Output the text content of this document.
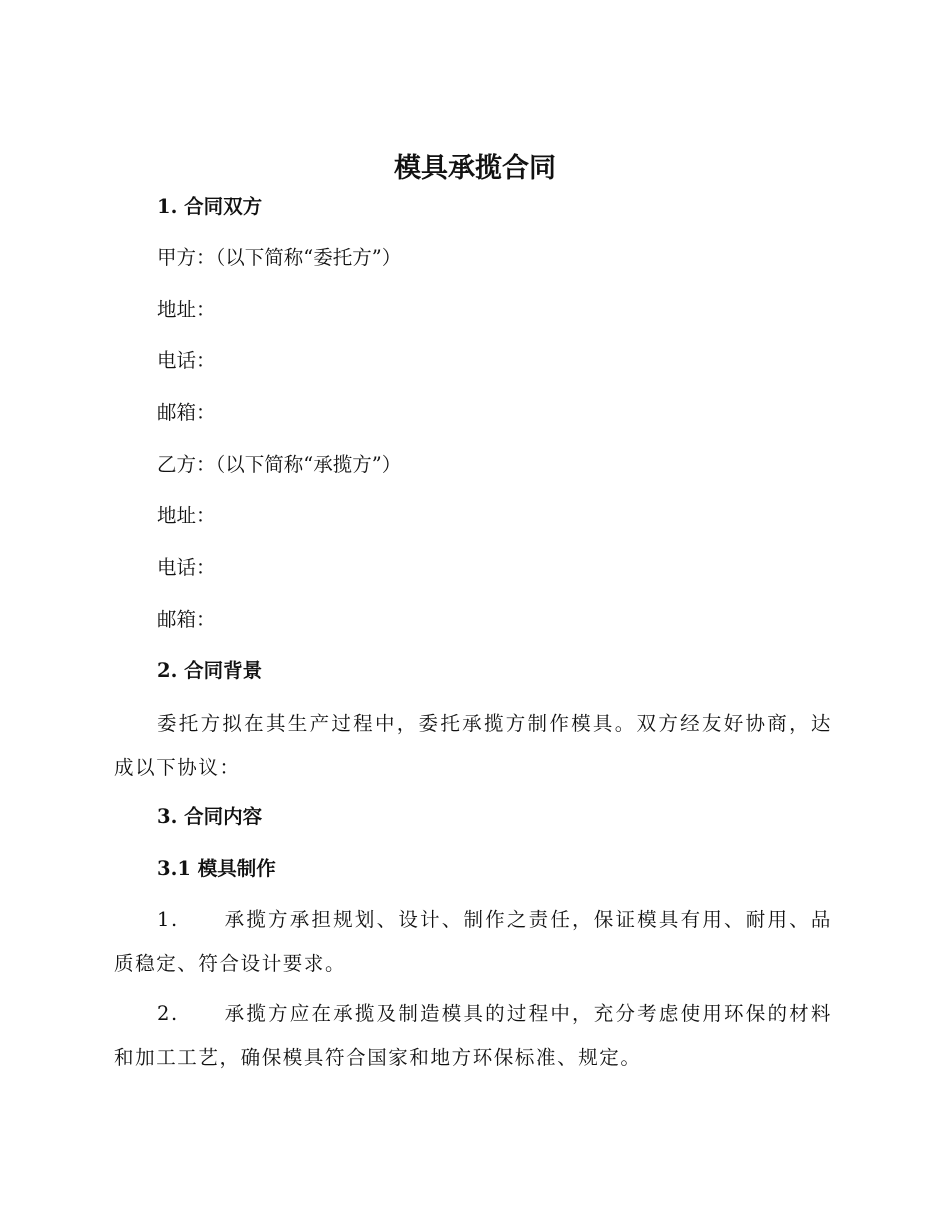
模具承揽合同
1. 合同双方
甲方：（以下简称“委托方”）
地址：
电话：
邮箱：
乙方：（以下简称“承揽方”）
地址：
电话：
邮箱：
2. 合同背景
委托方拟在其生产过程中，委托承揽方制作模具。双方经友好协商，达成以下协议：
3. 合同内容
3.1 模具制作
1. 承揽方承担规划、设计、制作之责任，保证模具有用、耐用、品质稳定、符合设计要求。
2. 承揽方应在承揽及制造模具的过程中，充分考虑使用环保的材料和加工工艺，确保模具符合国家和地方环保标准、规定。
